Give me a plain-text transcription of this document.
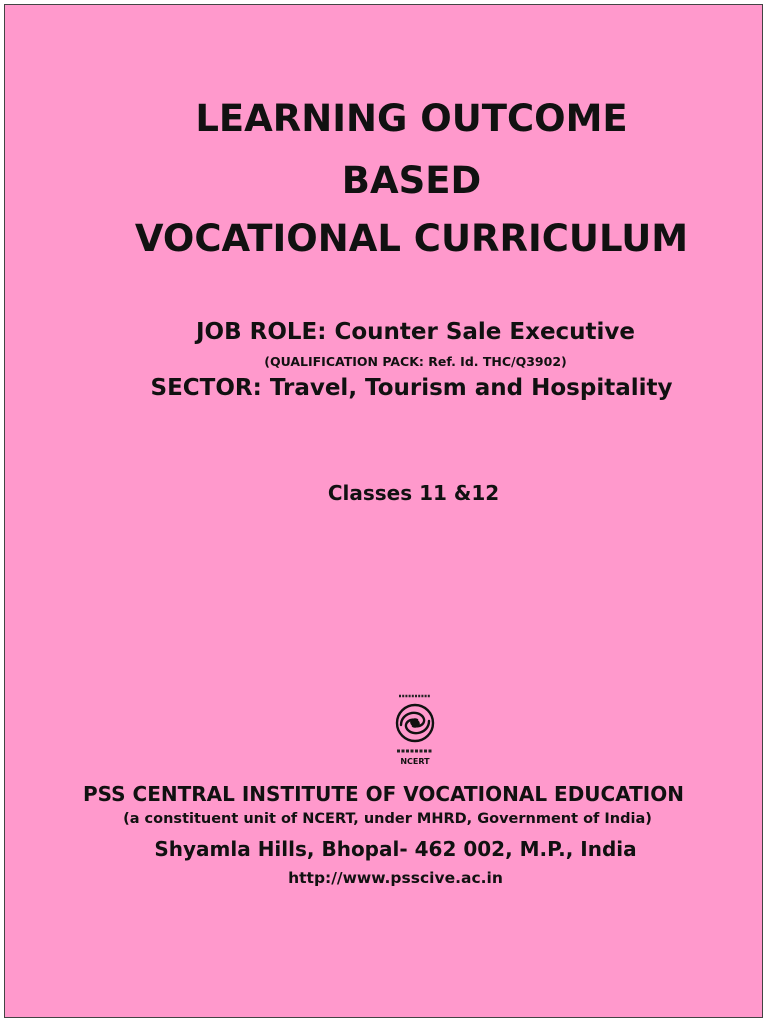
LEARNING OUTCOME
BASED
VOCATIONAL CURRICULUM
JOB ROLE: Counter Sale Executive
(QUALIFICATION PACK: Ref. Id. THC/Q3902)
SECTOR: Travel, Tourism and Hospitality
Classes 11 &12
NCERT
PSS CENTRAL INSTITUTE OF VOCATIONAL EDUCATION
(a constituent unit of NCERT, under MHRD, Government of India)
Shyamla Hills, Bhopal- 462 002, M.P., India
http://www.psscive.ac.in
